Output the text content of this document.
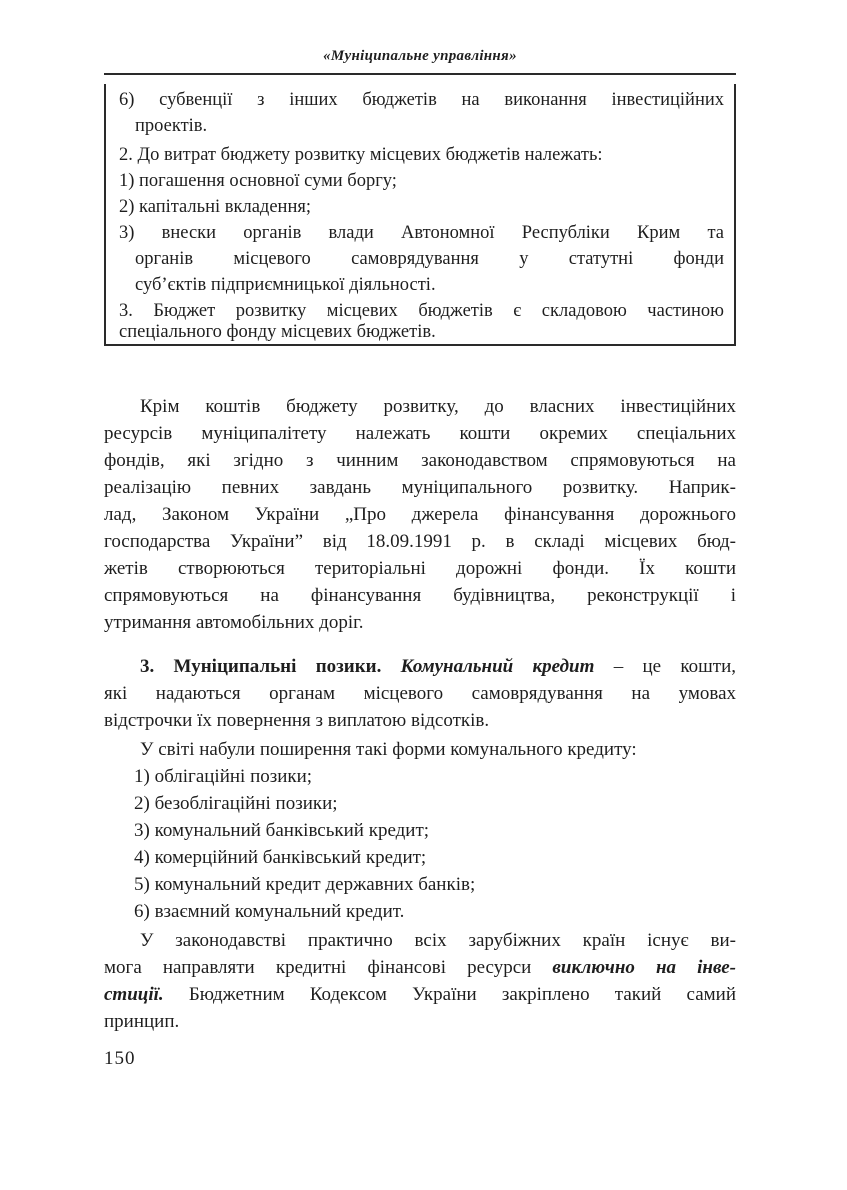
«Муніципальне управління»
6) субвенції з інших бюджетів на виконання інвестиційних
проектів.
2. До витрат бюджету розвитку місцевих бюджетів належать:
1) погашення основної суми боргу;
2) капітальні вкладення;
3) внески органів влади Автономної Республіки Крим та
органів місцевого самоврядування у статутні фонди
суб’єктів підприємницької діяльності.
3. Бюджет розвитку місцевих бюджетів є складовою частиною
спеціального фонду місцевих бюджетів.
Крім коштів бюджету розвитку, до власних інвестиційних
ресурсів муніципалітету належать кошти окремих спеціальних
фондів, які згідно з чинним законодавством спрямовуються на
реалізацію певних завдань муніципального розвитку. Наприк-
лад, Законом України „Про джерела фінансування дорожнього
господарства України” від 18.09.1991 р. в складі місцевих бюд-
жетів створюються територіальні дорожні фонди. Їх кошти
спрямовуються на фінансування будівництва, реконструкції і
утримання автомобільних доріг.
3. Муніципальні позики. Комунальний кредит – це кошти,
які надаються органам місцевого самоврядування на умовах
відстрочки їх повернення з виплатою відсотків.
У світі набули поширення такі форми комунального кредиту:
1) облігаційні позики;
2) безоблігаційні позики;
3) комунальний банківський кредит;
4) комерційний банківський кредит;
5) комунальний кредит державних банків;
6) взаємний комунальний кредит.
У законодавстві практично всіх зарубіжних країн існує ви-
мога направляти кредитні фінансові ресурси виключно на інве-
стиції. Бюджетним Кодексом України закріплено такий самий
принцип.
150
